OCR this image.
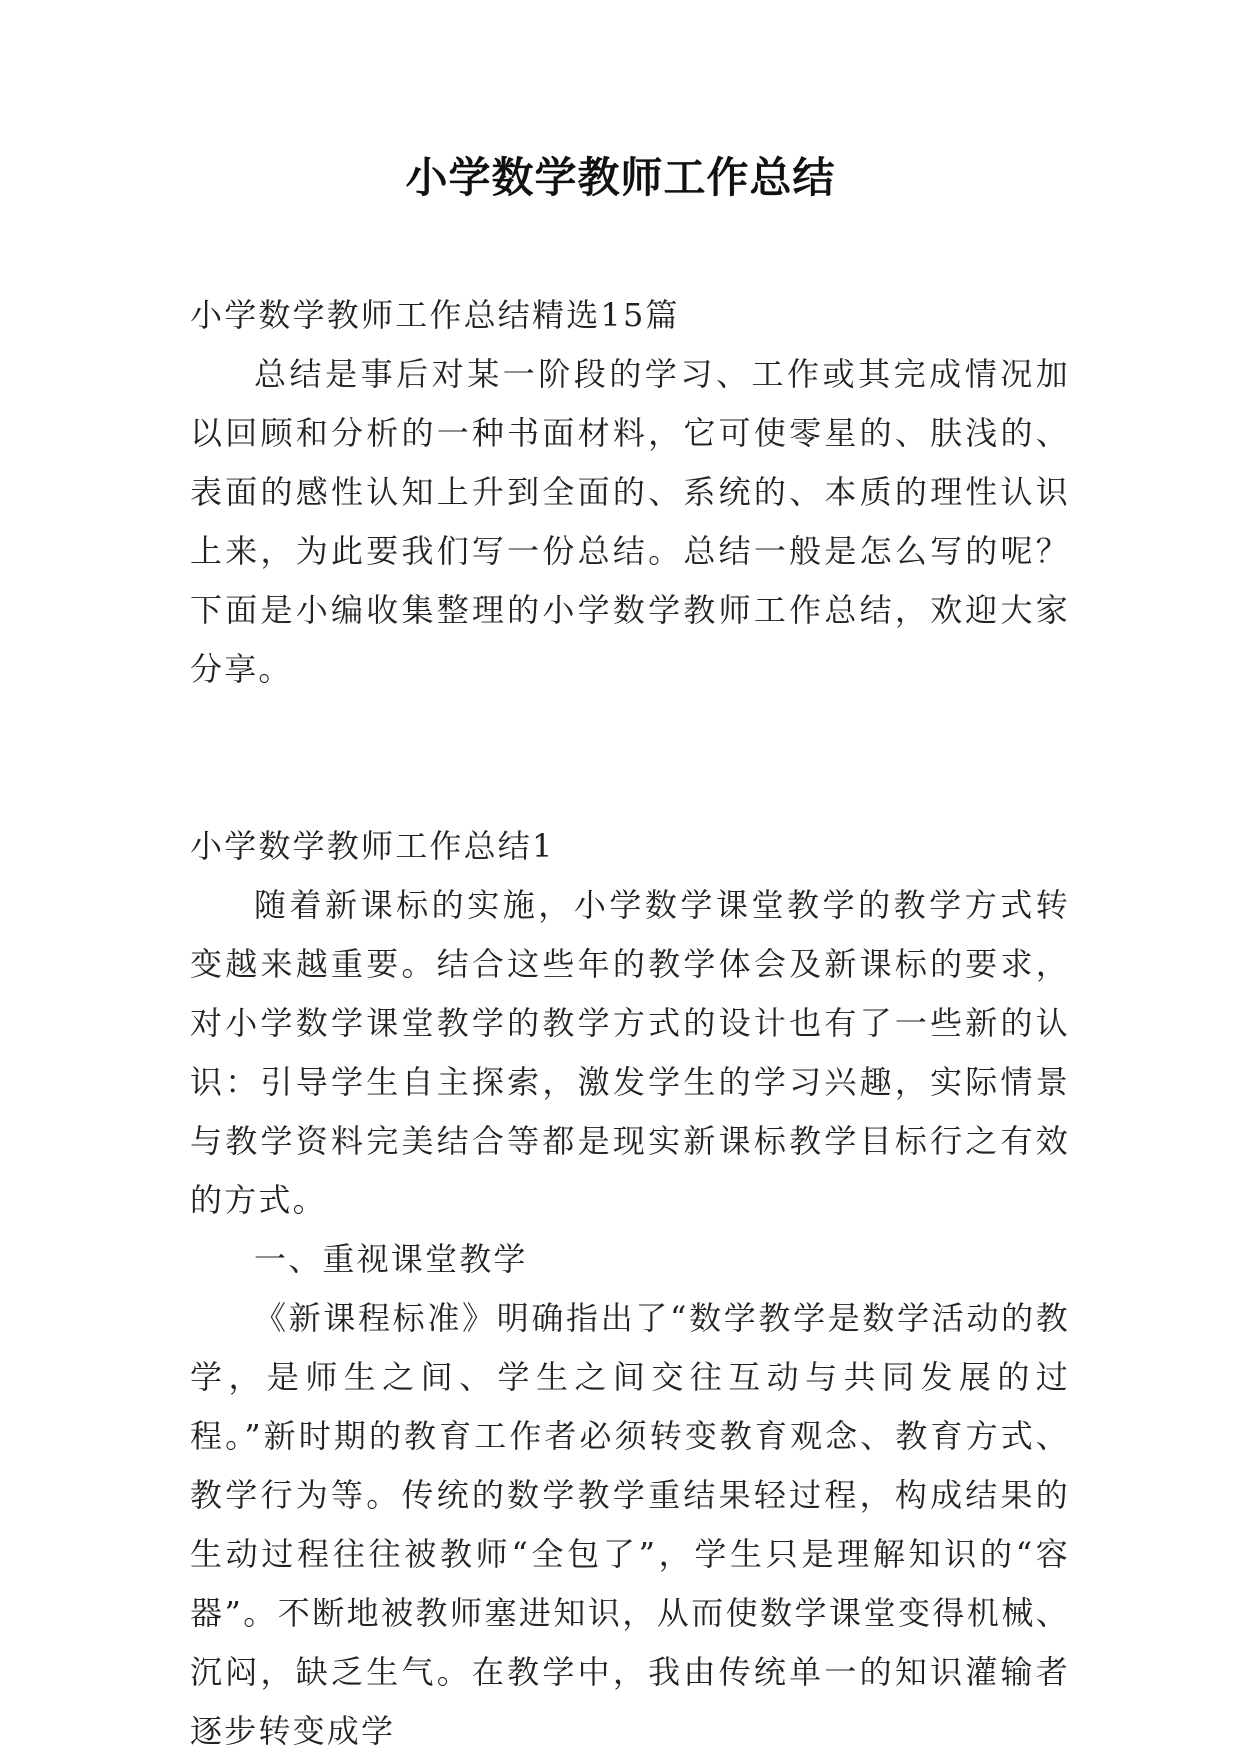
小学数学教师工作总结

小学数学教师工作总结精选15篇

总结是事后对某一阶段的学习、工作或其完成情况加以回顾和分析的一种书面材料，它可使零星的、肤浅的、表面的感性认知上升到全面的、系统的、本质的理性认识上来，为此要我们写一份总结。总结一般是怎么写的呢？下面是小编收集整理的小学数学教师工作总结，欢迎大家分享。

小学数学教师工作总结1

随着新课标的实施，小学数学课堂教学的教学方式转变越来越重要。结合这些年的教学体会及新课标的要求，对小学数学课堂教学的教学方式的设计也有了一些新的认识：引导学生自主探索，激发学生的学习兴趣，实际情景与教学资料完美结合等都是现实新课标教学目标行之有效的方式。

一、重视课堂教学

《新课程标准》明确指出了“数学教学是数学活动的教学，是师生之间、学生之间交往互动与共同发展的过程。”新时期的教育工作者必须转变教育观念、教育方式、教学行为等。传统的数学教学重结果轻过程，构成结果的生动过程往往被教师“全包了”，学生只是理解知识的“容器”。不断地被教师塞进知识，从而使数学课堂变得机械、沉闷，缺乏生气。在教学中，我由传统单一的知识灌输者逐步转变成学
